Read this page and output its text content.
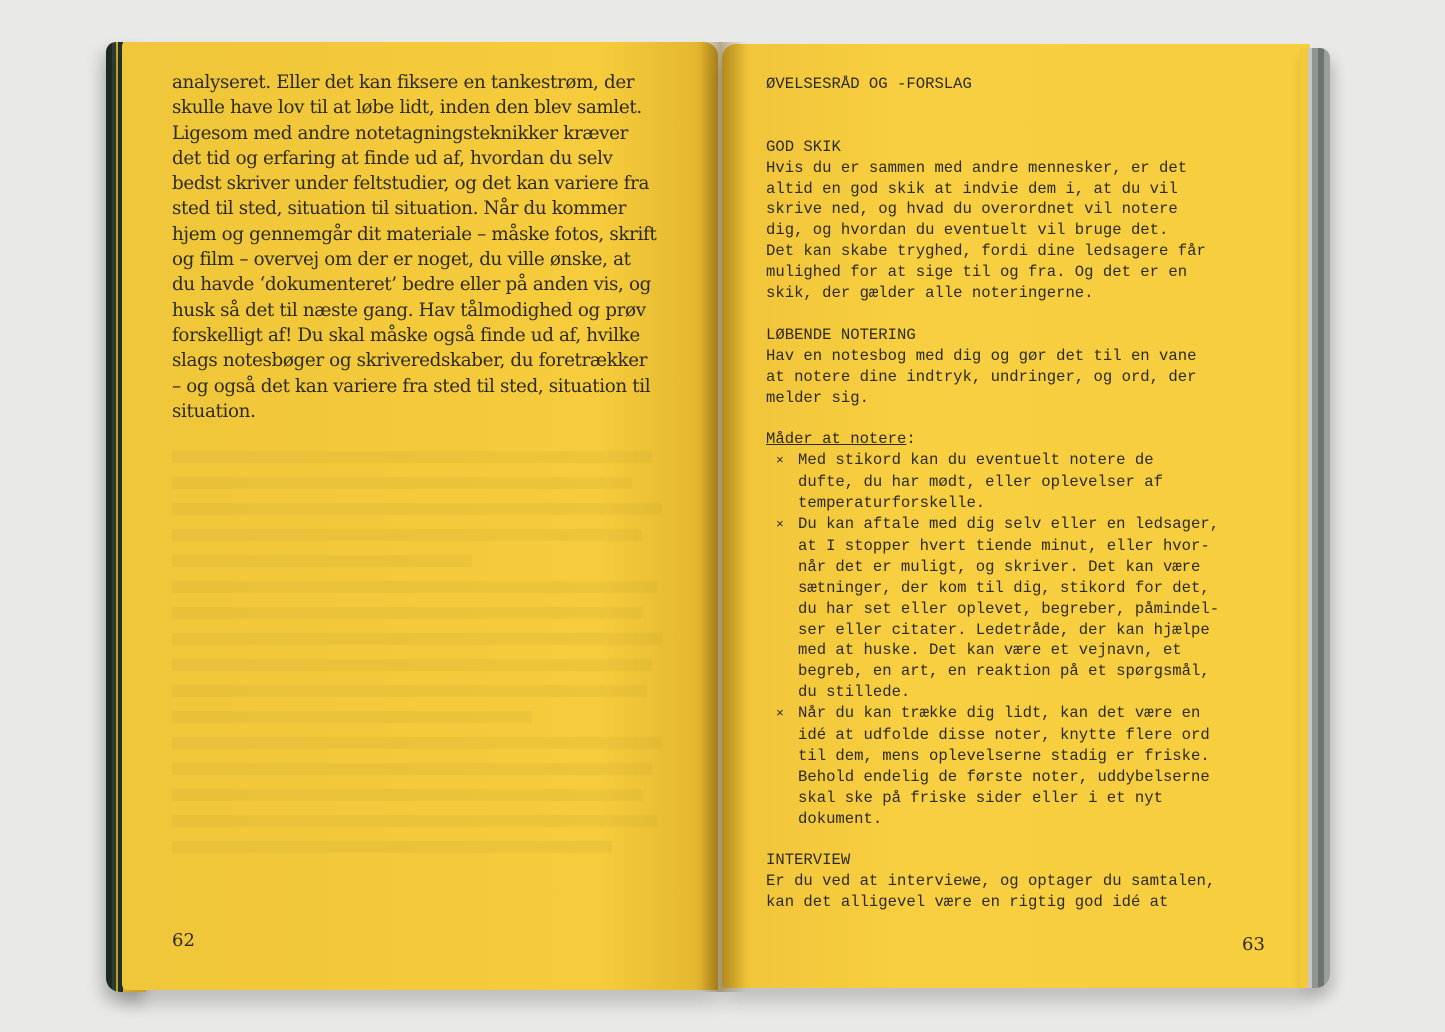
analyseret. Eller det kan fiksere en tankestrøm, der
skulle have lov til at løbe lidt, inden den blev samlet.
Ligesom med andre notetagningsteknikker kræver
det tid og erfaring at finde ud af, hvordan du selv
bedst skriver under feltstudier, og det kan variere fra
sted til sted, situation til situation. Når du kommer
hjem og gennemgår dit materiale – måske fotos, skrift
og film – overvej om der er noget, du ville ønske, at
du havde ‘dokumenteret’ bedre eller på anden vis, og
husk så det til næste gang. Hav tålmodighed og prøv
forskelligt af! Du skal måske også finde ud af, hvilke
slags notesbøger og skriveredskaber, du foretrækker
– og også det kan variere fra sted til sted, situation til
situation.
62
ØVELSESRÅD OG -FORSLAG
GOD SKIK
Hvis du er sammen med andre mennesker, er det
altid en god skik at indvie dem i, at du vil
skrive ned, og hvad du overordnet vil notere
dig, og hvordan du eventuelt vil bruge det.
Det kan skabe tryghed, fordi dine ledsagere får
mulighed for at sige til og fra. Og det er en
skik, der gælder alle noteringerne.
LØBENDE NOTERING
Hav en notesbog med dig og gør det til en vane
at notere dine indtryk, undringer, og ord, der
melder sig.
Måder at notere:
× Med stikord kan du eventuelt notere de
dufte, du har mødt, eller oplevelser af
temperaturforskelle.
× Du kan aftale med dig selv eller en ledsager,
at I stopper hvert tiende minut, eller hvor-
når det er muligt, og skriver. Det kan være
sætninger, der kom til dig, stikord for det,
du har set eller oplevet, begreber, påmindel-
ser eller citater. Ledetråde, der kan hjælpe
med at huske. Det kan være et vejnavn, et
begreb, en art, en reaktion på et spørgsmål,
du stillede.
× Når du kan trække dig lidt, kan det være en
idé at udfolde disse noter, knytte flere ord
til dem, mens oplevelserne stadig er friske.
Behold endelig de første noter, uddybelserne
skal ske på friske sider eller i et nyt
dokument.
INTERVIEW
Er du ved at interviewe, og optager du samtalen,
kan det alligevel være en rigtig god idé at
63
